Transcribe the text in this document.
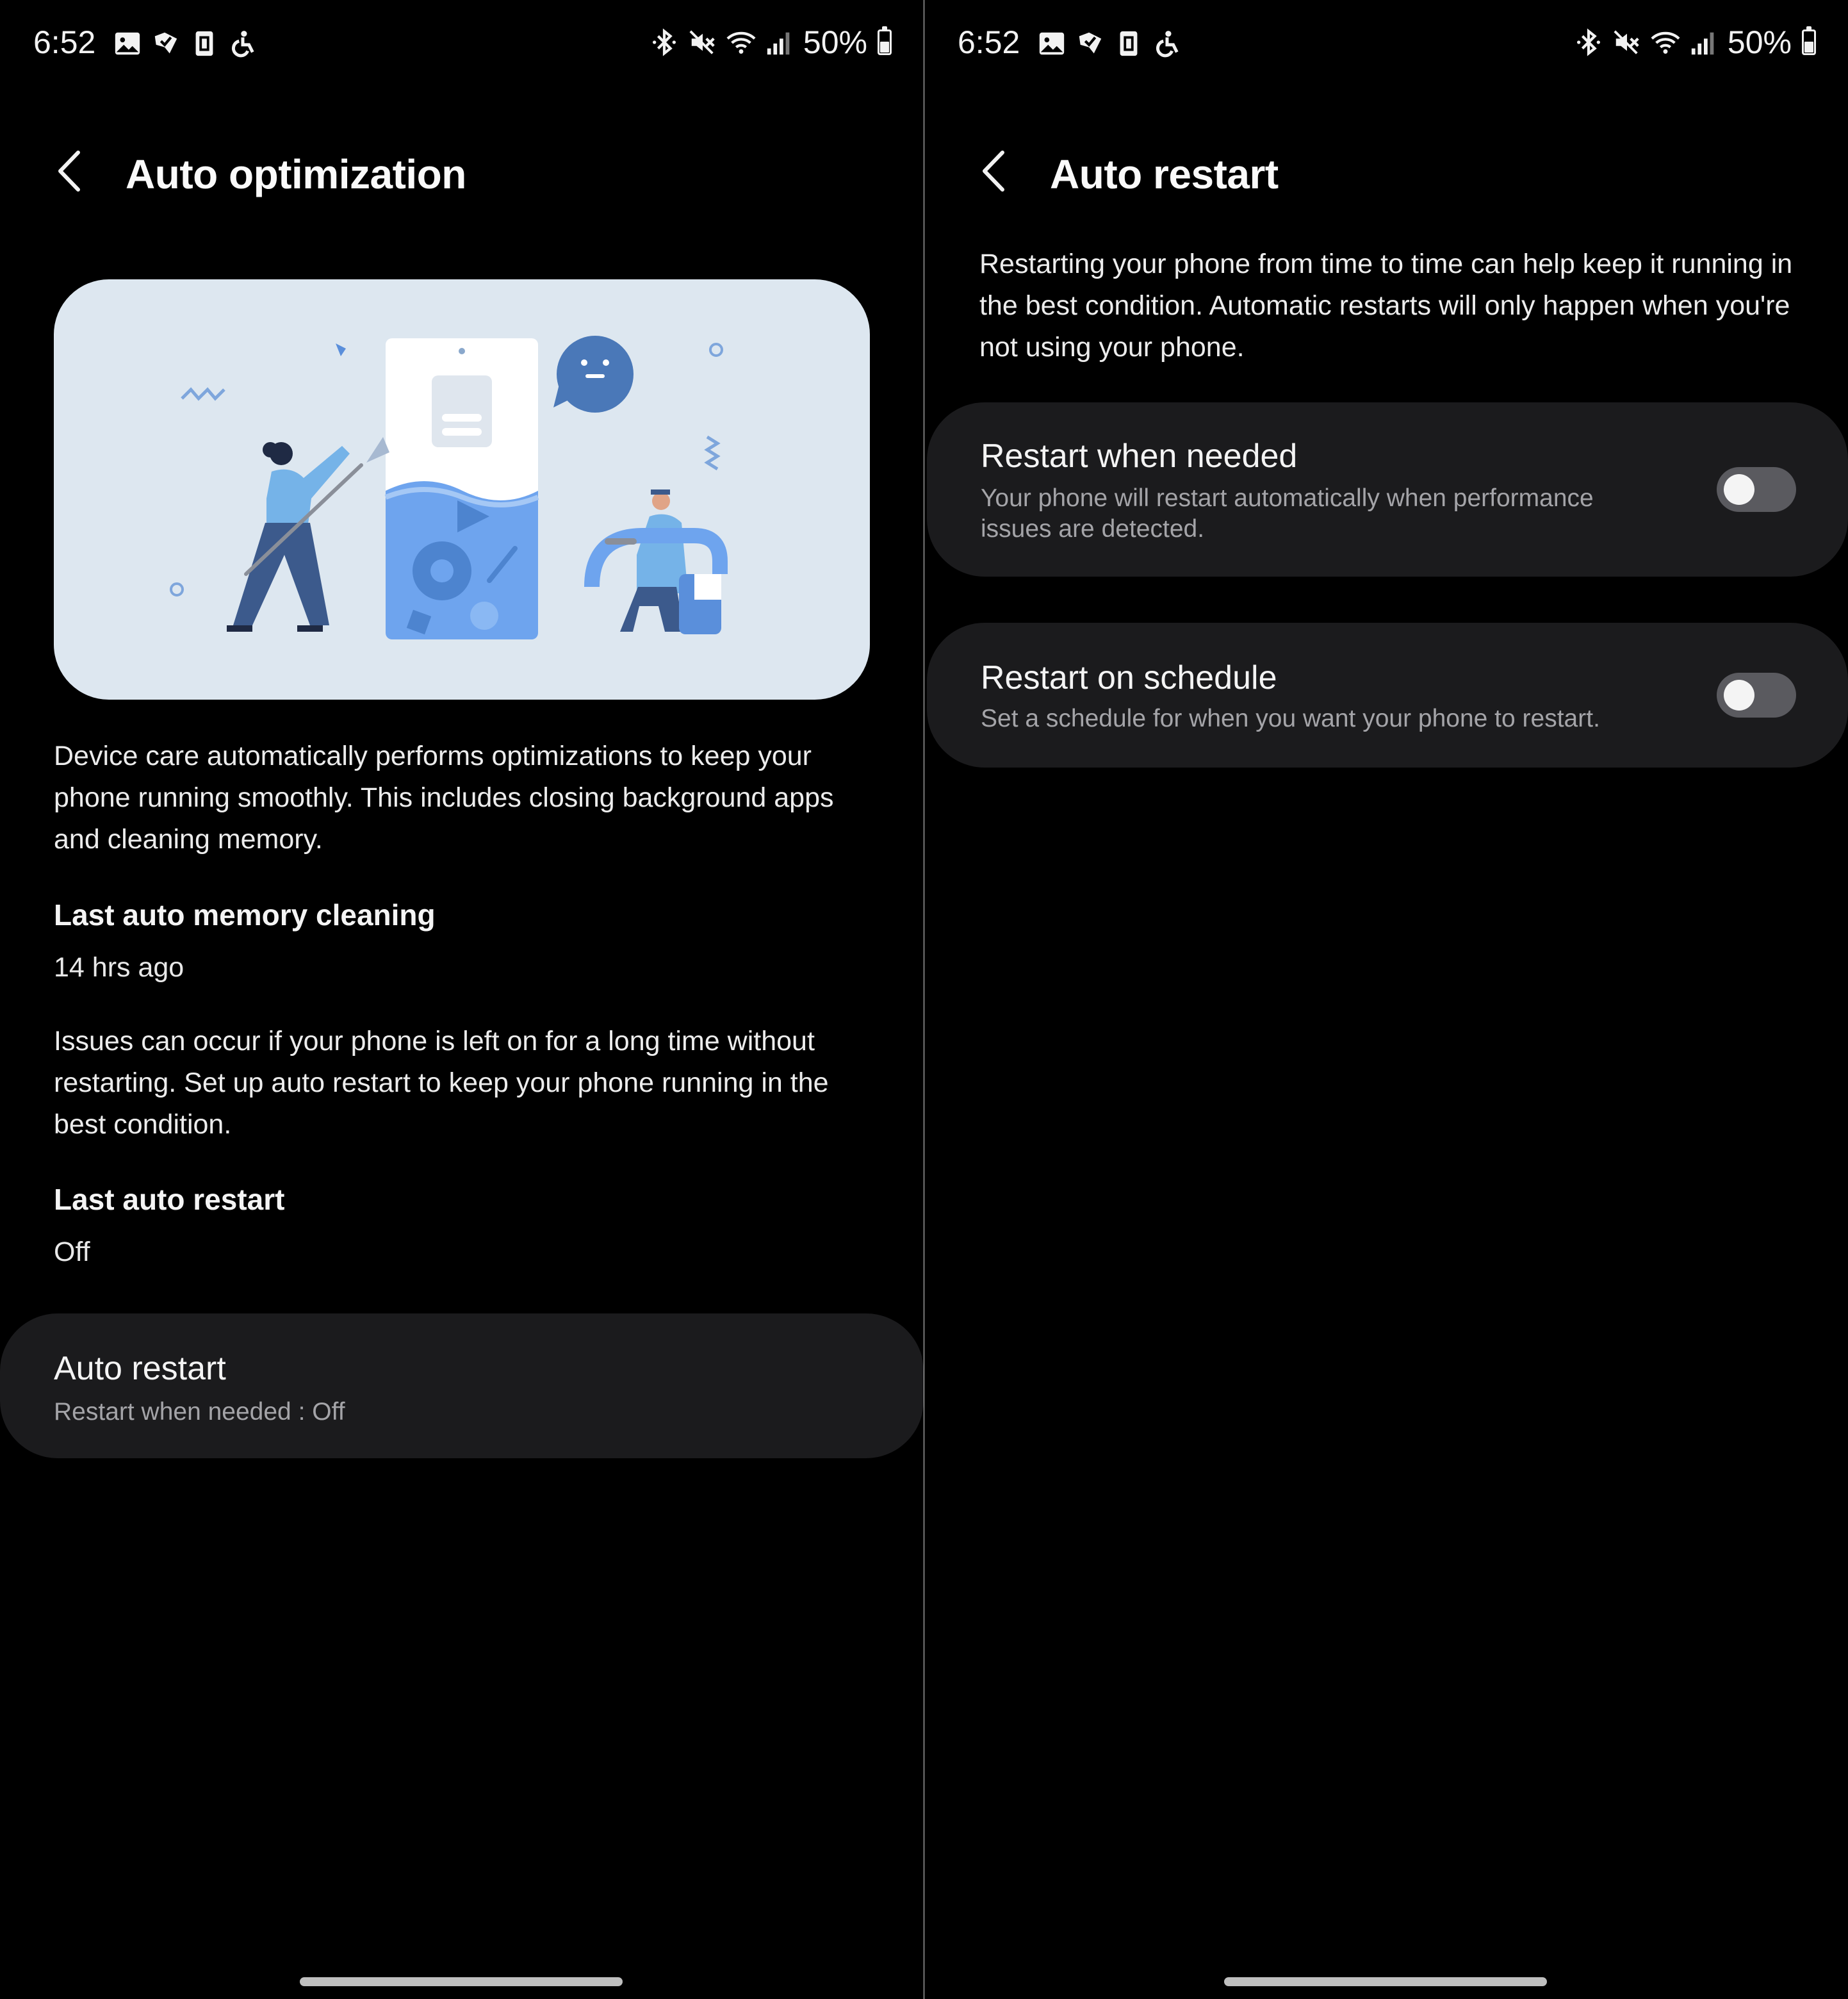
6:52	50%
Auto optimization
Device care automatically performs optimizations to keep your phone running smoothly. This includes closing background apps and cleaning memory.
Last auto memory cleaning
14 hrs ago
Issues can occur if your phone is left on for a long time without restarting. Set up auto restart to keep your phone running in the best condition.
Last auto restart
Off
Auto restart
Restart when needed : Off
6:52	50%
Auto restart
Restarting your phone from time to time can help keep it running in the best condition. Automatic restarts will only happen when you're not using your phone.
Restart when needed
Your phone will restart automatically when performance issues are detected.
Restart on schedule
Set a schedule for when you want your phone to restart.
